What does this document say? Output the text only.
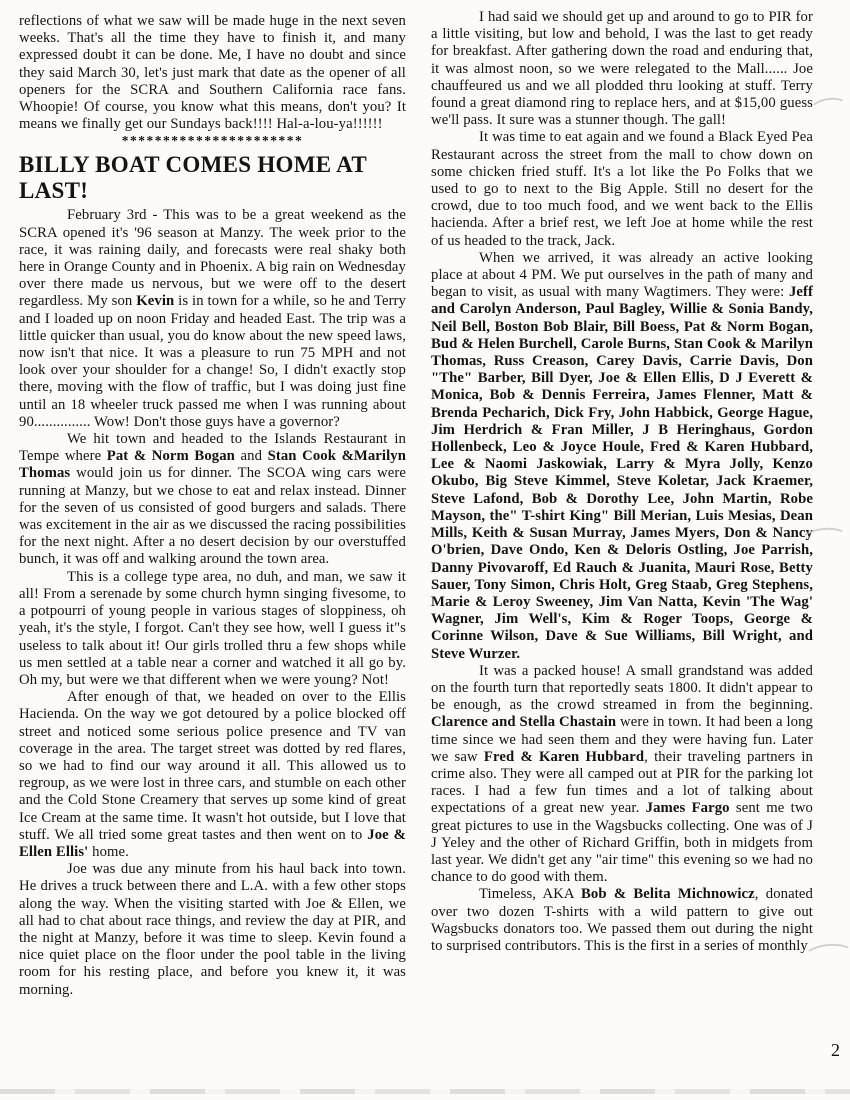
reflections of what we saw will be made huge in the next seven weeks. That's all the time they have to finish it, and many expressed doubt it can be done. Me, I have no doubt and since they said March 30, let's just mark that date as the opener of all openers for the SCRA and Southern California race fans. Whoopie! Of course, you know what this means, don't you? It means we finally get our Sundays back!!!! Hal-a-lou-ya!!!!!!

**********************
BILLY BOAT COMES HOME AT LAST!

February 3rd - This was to be a great weekend as the SCRA opened it's '96 season at Manzy. The week prior to the race, it was raining daily, and forecasts were real shaky both here in Orange County and in Phoenix. A big rain on Wednesday over there made us nervous, but we were off to the desert regardless. My son Kevin is in town for a while, so he and Terry and I loaded up on noon Friday and headed East. The trip was a little quicker than usual, you do know about the new speed laws, now isn't that nice. It was a pleasure to run 75 MPH and not look over your shoulder for a change! So, I didn't exactly stop there, moving with the flow of traffic, but I was doing just fine until an 18 wheeler truck passed me when I was running about 90............... Wow! Don't those guys have a governor?

We hit town and headed to the Islands Restaurant in Tempe where Pat & Norm Bogan and Stan Cook &Marilyn Thomas would join us for dinner. The SCOA wing cars were running at Manzy, but we chose to eat and relax instead. Dinner for the seven of us consisted of good burgers and salads. There was excitement in the air as we discussed the racing possibilities for the next night. After a no desert decision by our overstuffed bunch, it was off and walking around the town area.

This is a college type area, no duh, and man, we saw it all! From a serenade by some church hymn singing fivesome, to a potpourri of young people in various stages of sloppiness, oh yeah, it's the style, I forgot. Can't they see how, well I guess it"s useless to talk about it! Our girls trolled thru a few shops while us men settled at a table near a corner and watched it all go by. Oh my, but were we that different when we were young? Not!

After enough of that, we headed on over to the Ellis Hacienda. On the way we got detoured by a police blocked off street and noticed some serious police presence and TV van coverage in the area. The target street was dotted by red flares, so we had to find our way around it all. This allowed us to regroup, as we were lost in three cars, and stumble on each other and the Cold Stone Creamery that serves up some kind of great Ice Cream at the same time. It wasn't hot outside, but I love that stuff. We all tried some great tastes and then went on to Joe & Ellen Ellis' home.

Joe was due any minute from his haul back into town. He drives a truck between there and L.A. with a few other stops along the way. When the visiting started with Joe & Ellen, we all had to chat about race things, and review the day at PIR, and the night at Manzy, before it was time to sleep. Kevin found a nice quiet place on the floor under the pool table in the living room for his resting place, and before you knew it, it was morning.

I had said we should get up and around to go to PIR for a little visiting, but low and behold, I was the last to get ready for breakfast. After gathering down the road and enduring that, it was almost noon, so we were relegated to the Mall...... Joe chauffeured us and we all plodded thru looking at stuff. Terry found a great diamond ring to replace hers, and at $15,00 guess we'll pass. It sure was a stunner though. The gall!

It was time to eat again and we found a Black Eyed Pea Restaurant across the street from the mall to chow down on some chicken fried stuff. It's a lot like the Po Folks that we used to go to next to the Big Apple. Still no desert for the crowd, due to too much food, and we went back to the Ellis hacienda. After a brief rest, we left Joe at home while the rest of us headed to the track, Jack.

When we arrived, it was already an active looking place at about 4 PM. We put ourselves in the path of many and began to visit, as usual with many Wagtimers. They were: Jeff and Carolyn Anderson, Paul Bagley, Willie & Sonia Bandy, Neil Bell, Boston Bob Blair, Bill Boess, Pat & Norm Bogan, Bud & Helen Burchell, Carole Burns, Stan Cook & Marilyn Thomas, Russ Creason, Carey Davis, Carrie Davis, Don "The" Barber, Bill Dyer, Joe & Ellen Ellis, D J Everett & Monica, Bob & Dennis Ferreira, James Flenner, Matt & Brenda Pecharich, Dick Fry, John Habbick, George Hague, Jim Herdrich & Fran Miller, J B Heringhaus, Gordon Hollenbeck, Leo & Joyce Houle, Fred & Karen Hubbard, Lee & Naomi Jaskowiak, Larry & Myra Jolly, Kenzo Okubo, Big Steve Kimmel, Steve Koletar, Jack Kraemer, Steve Lafond, Bob & Dorothy Lee, John Martin, Robe Mayson, the" T-shirt King" Bill Merian, Luis Mesias, Dean Mills, Keith & Susan Murray, James Myers, Don & Nancy O'brien, Dave Ondo, Ken & Deloris Ostling, Joe Parrish, Danny Pivovaroff, Ed Rauch & Juanita, Mauri Rose, Betty Sauer, Tony Simon, Chris Holt, Greg Staab, Greg Stephens, Marie & Leroy Sweeney, Jim Van Natta, Kevin 'The Wag' Wagner, Jim Well's, Kim & Roger Toops, George & Corinne Wilson, Dave & Sue Williams, Bill Wright, and Steve Wurzer.

It was a packed house! A small grandstand was added on the fourth turn that reportedly seats 1800. It didn't appear to be enough, as the crowd streamed in from the beginning. Clarence and Stella Chastain were in town. It had been a long time since we had seen them and they were having fun. Later we saw Fred & Karen Hubbard, their traveling partners in crime also. They were all camped out at PIR for the parking lot races. I had a few fun times and a lot of talking about expectations of a great new year. James Fargo sent me two great pictures to use in the Wagsbucks collecting. One was of J J Yeley and the other of Richard Griffin, both in midgets from last year. We didn't get any "air time" this evening so we had no chance to do good with them.

Timeless, AKA Bob & Belita Michnowicz, donated over two dozen T-shirts with a wild pattern to give out Wagsbucks donators too. We passed them out during the night to surprised contributors. This is the first in a series of monthly

2
